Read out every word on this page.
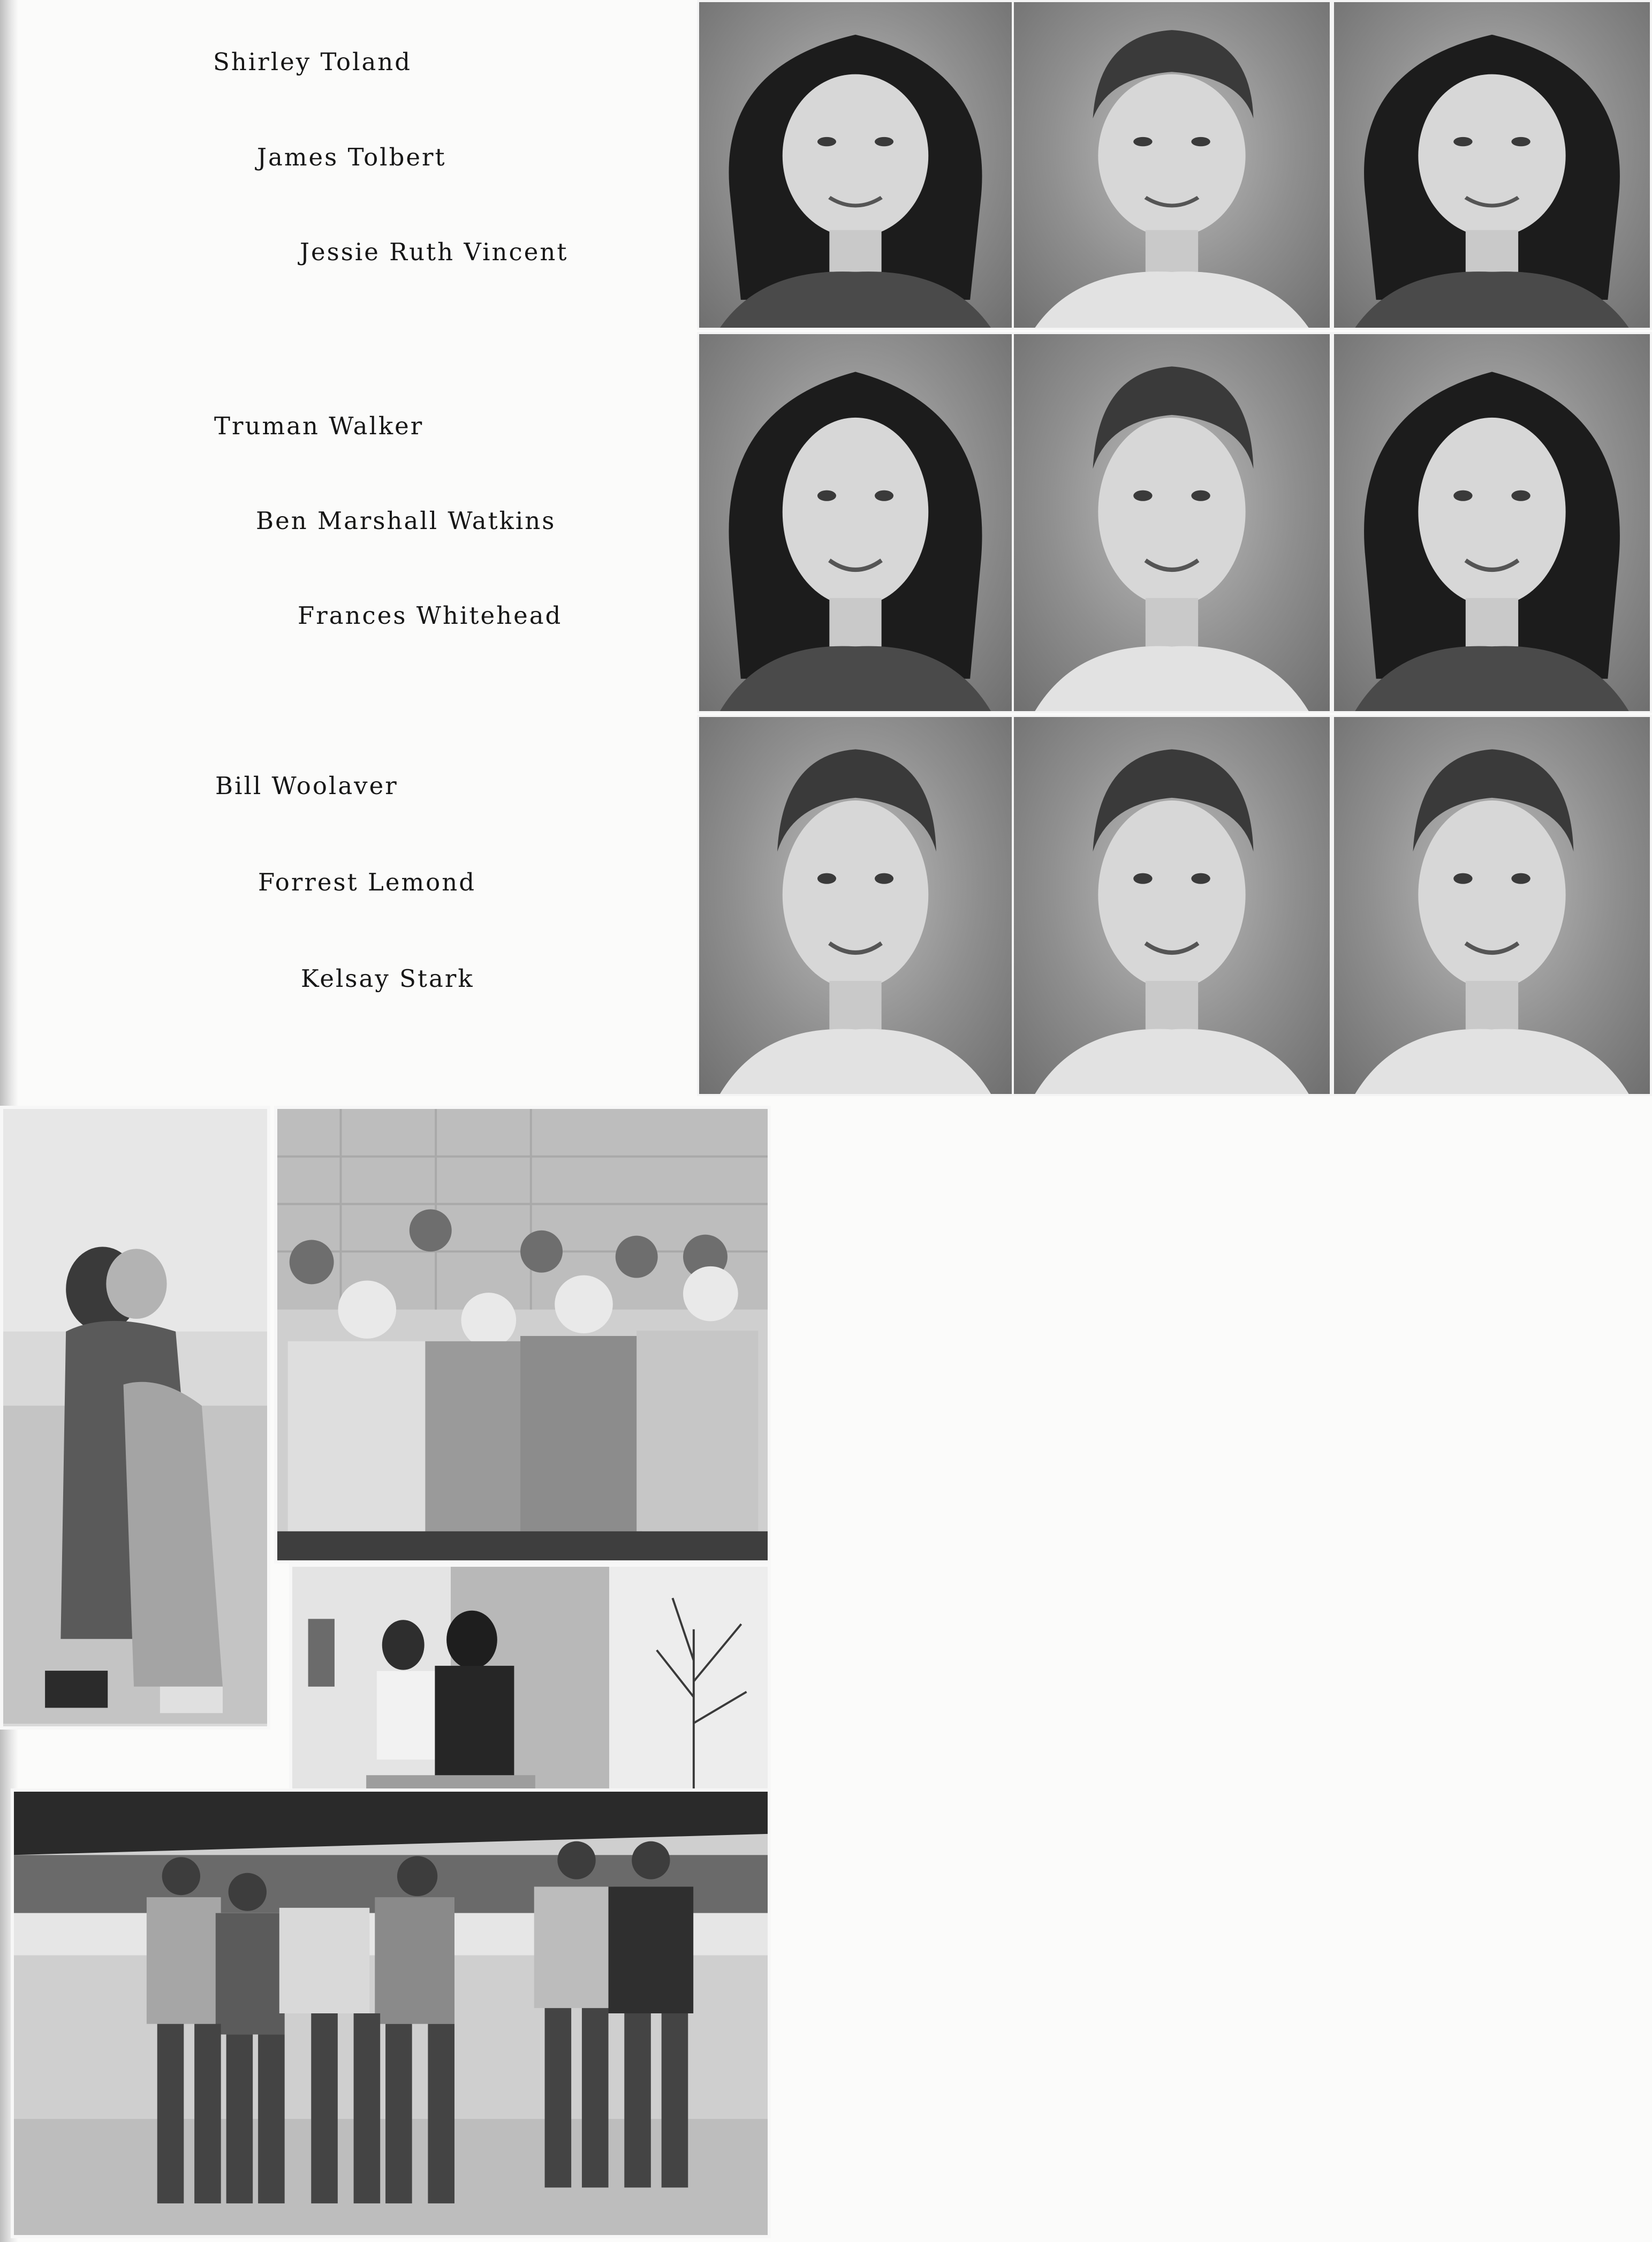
Shirley Toland
James Tolbert
Jessie Ruth Vincent
Truman Walker
Ben Marshall Watkins
Frances Whitehead
Bill Woolaver
Forrest Lemond
Kelsay Stark
